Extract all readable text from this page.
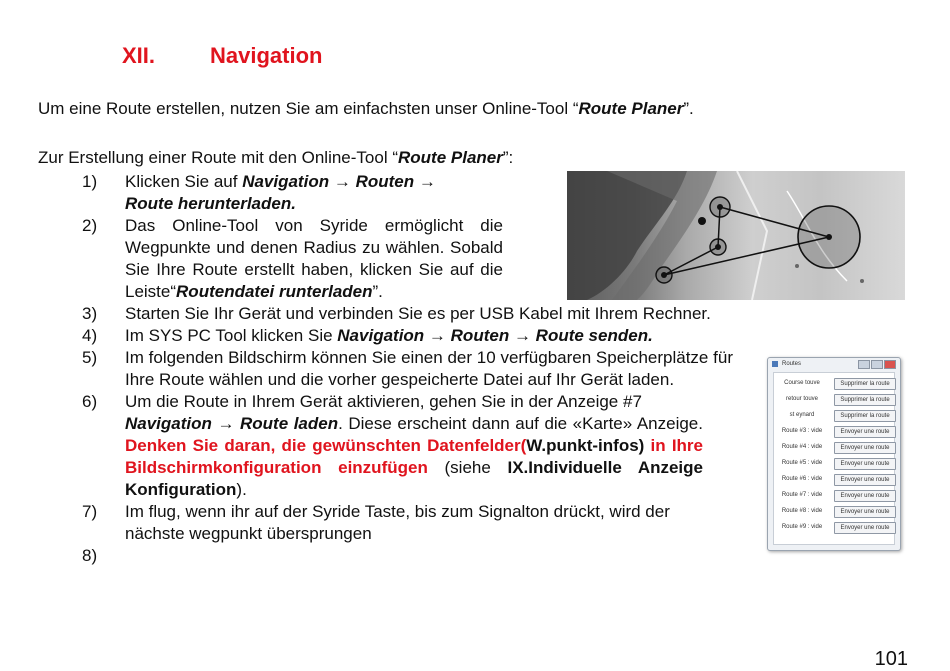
XII. Navigation
Um eine Route erstellen, nutzen Sie am einfachsten unser Online-Tool “Route Planer”.
Zur Erstellung einer Route mit den Online-Tool “Route Planer”:
1) Klicken Sie auf Navigation → Routen →
Route herunterladen.
2) Das Online-Tool von Syride ermöglicht die Wegpunkte und denen Radius zu wählen. Sobald Sie Ihre Route erstellt haben, klicken Sie auf die Leiste“Routendatei runterladen”.
3) Starten Sie Ihr Gerät und verbinden Sie es per USB Kabel mit Ihrem Rechner.
4) Im SYS PC Tool klicken Sie Navigation → Routen → Route senden.
5) Im folgenden Bildschirm können Sie einen der 10 verfügbaren Speicherplätze für Ihre Route wählen und die vorher gespeicherte Datei auf Ihr Gerät laden.
6) Um die Route in Ihrem Gerät aktivieren, gehen Sie in der Anzeige #7
Navigation → Route laden. Diese erscheint dann auf die «Karte» Anzeige. Denken Sie daran, die gewünschten Datenfelder(W.punkt-infos) in Ihre Bildschirmkonfiguration einzufügen (siehe IX.Individuelle Anzeige Konfiguration).
7) Im flug, wenn ihr auf der Syride Taste, bis zum Signalton drückt, wird der nächste wegpunkt übersprungen
8)
Routes
Course touve	Supprimer la route
retour touve	Supprimer la route
st eynard	Supprimer la route
Route #3 : vide	Envoyer une route
Route #4 : vide	Envoyer une route
Route #5 : vide	Envoyer une route
Route #6 : vide	Envoyer une route
Route #7 : vide	Envoyer une route
Route #8 : vide	Envoyer une route
Route #9 : vide	Envoyer une route
101
